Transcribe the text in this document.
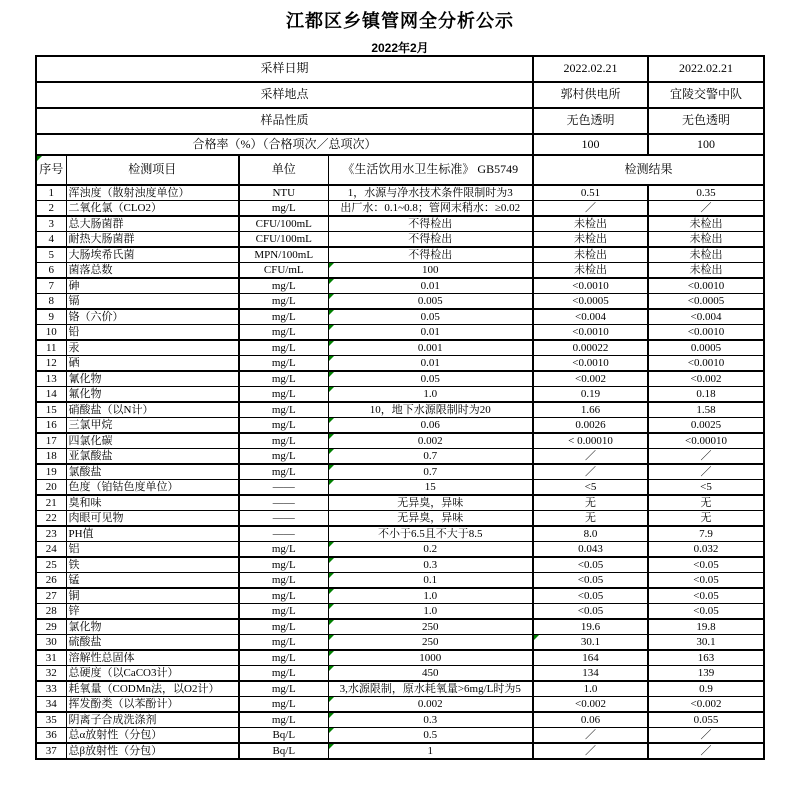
江都区乡镇管网全分析公示
2022年2月
采样日期				2022.02.21	2022.02.21
采样地点				郭村供电所	宜陵交警中队
样品性质				无色透明	无色透明
合格率（%）（合格项次／总项次）				100	100

序号	检测项目	单位	《生活饮用水卫生标准》 GB5749	检测结果	
1	浑浊度（散射浊度单位）	NTU	1，水源与净水技术条件限制时为3	0.51	0.35
2	二氧化氯（CLO2）	mg/L	出厂水：0.1~0.8；管网末稍水：≥0.02	／	／
3	总大肠菌群	CFU/100mL	不得检出	未检出	未检出
4	耐热大肠菌群	CFU/100mL	不得检出	未检出	未检出
5	大肠埃希氏菌	MPN/100mL	不得检出	未检出	未检出
6	菌落总数	CFU/mL	100	未检出	未检出
7	砷	mg/L	0.01	<0.0010	<0.0010
8	镉	mg/L	0.005	<0.0005	<0.0005
9	铬（六价）	mg/L	0.05	<0.004	<0.004
10	铅	mg/L	0.01	<0.0010	<0.0010
11	汞	mg/L	0.001	0.00022	0.0005
12	硒	mg/L	0.01	<0.0010	<0.0010
13	氰化物	mg/L	0.05	<0.002	<0.002
14	氟化物	mg/L	1.0	0.19	0.18
15	硝酸盐（以N计）	mg/L	10，地下水源限制时为20	1.66	1.58
16	三氯甲烷	mg/L	0.06	0.0026	0.0025
17	四氯化碳	mg/L	0.002	< 0.00010	<0.00010
18	亚氯酸盐	mg/L	0.7	／	／
19	氯酸盐	mg/L	0.7	／	／
20	色度（铂钴色度单位）	——	15	<5	<5
21	臭和味	——	无异臭，异味	无	无
22	肉眼可见物	——	无异臭，异味	无	无
23	PH值	——	不小于6.5且不大于8.5	8.0	7.9
24	铝	mg/L	0.2	0.043	0.032
25	铁	mg/L	0.3	<0.05	<0.05
26	锰	mg/L	0.1	<0.05	<0.05
27	铜	mg/L	1.0	<0.05	<0.05
28	锌	mg/L	1.0	<0.05	<0.05
29	氯化物	mg/L	250	19.6	19.8
30	硫酸盐	mg/L	250	30.1	30.1
31	溶解性总固体	mg/L	1000	164	163
32	总硬度（以CaCO3计）	mg/L	450	134	139
33	耗氧量（CODMn法，以O2计）	mg/L	3,水源限制，原水耗氧量>6mg/L时为5	1.0	0.9
34	挥发酚类（以苯酚计）	mg/L	0.002	<0.002	<0.002
35	阴离子合成洗涤剂	mg/L	0.3	0.06	0.055
36	总α放射性（分包）	Bq/L	0.5	／	／
37	总β放射性（分包）	Bq/L	1	／	／
